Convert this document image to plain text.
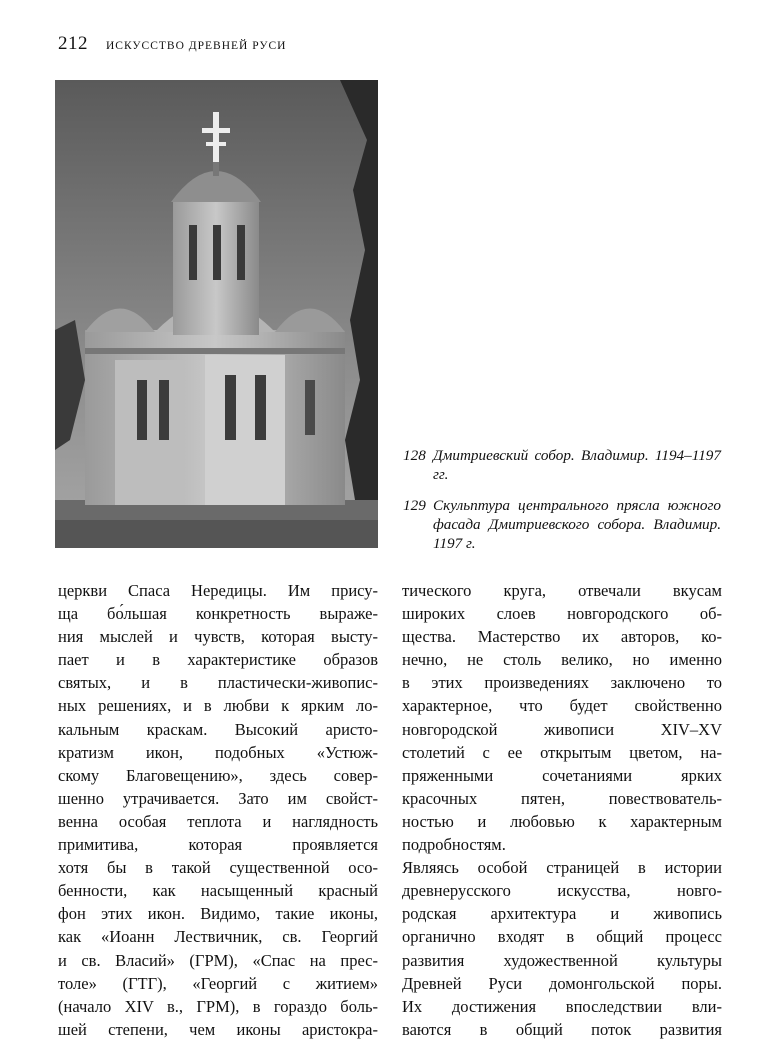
212 ИСКУССТВО ДРЕВНЕЙ РУСИ
128 Дмитриевский собор. Владимир. 1194–1197 гг.
129 Скульптура центрального прясла южного фасада Дмитриевского собора. Владимир. 1197 г.
церкви Спаса Нередицы. Им прису-
ща бо́льшая конкретность выраже-
ния мыслей и чувств, которая высту-
пает и в характеристике образов
святых, и в пластически-живопис-
ных решениях, и в любви к ярким ло-
кальным краскам. Высокий аристо-
кратизм икон, подобных «Устюж-
скому Благовещению», здесь совер-
шенно утрачивается. Зато им свойст-
венна особая теплота и наглядность
примитива, которая проявляется
хотя бы в такой существенной осо-
бенности, как насыщенный красный
фон этих икон. Видимо, такие иконы,
как «Иоанн Лествичник, св. Георгий
и св. Власий» (ГРМ), «Спас на прес-
толе» (ГТГ), «Георгий с житием»
(начало XIV в., ГРМ), в гораздо боль-
шей степени, чем иконы аристокра-
тического круга, отвечали вкусам
широких слоев новгородского об-
щества. Мастерство их авторов, ко-
нечно, не столь велико, но именно
в этих произведениях заключено то
характерное, что будет свойственно
новгородской живописи XIV–XV
столетий с ее открытым цветом, на-
пряженными сочетаниями ярких
красочных пятен, повествователь-
ностью и любовью к характерным
подробностям.
Являясь особой страницей в истории
древнерусского искусства, новго-
родская архитектура и живопись
органично входят в общий процесс
развития художественной культуры
Древней Руси домонгольской поры.
Их достижения впоследствии вли-
ваются в общий поток развития
